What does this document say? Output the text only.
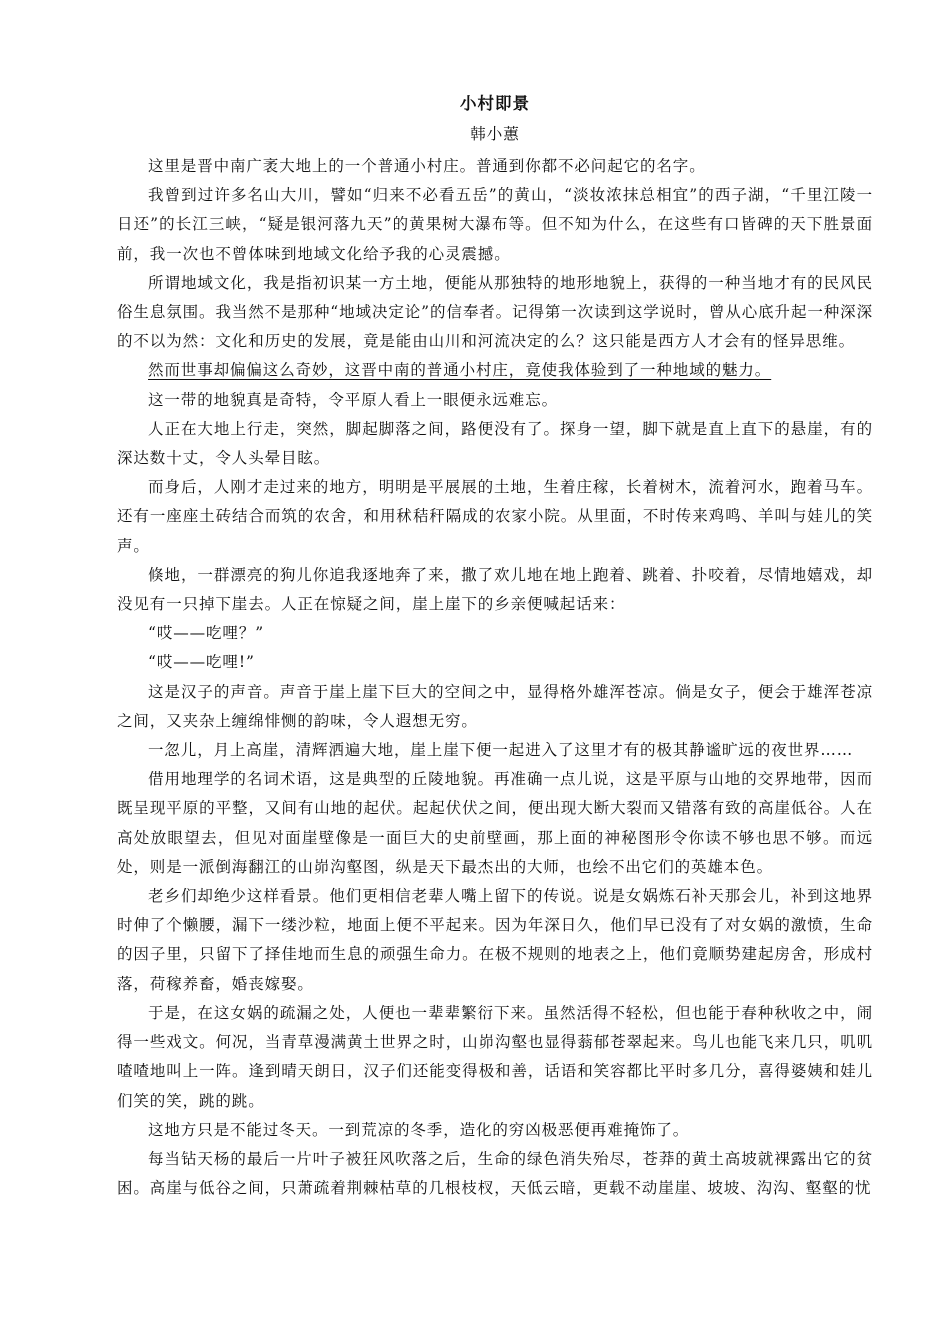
小村即景
韩小蕙

这里是晋中南广袤大地上的一个普通小村庄。普通到你都不必问起它的名字。

我曾到过许多名山大川，譬如“归来不必看五岳”的黄山，“淡妆浓抹总相宜”的西子湖，“千里江陵一日还”的长江三峡，“疑是银河落九天”的黄果树大瀑布等。但不知为什么，在这些有口皆碑的天下胜景面前，我一次也不曾体味到地域文化给予我的心灵震撼。

所谓地域文化，我是指初识某一方土地，便能从那独特的地形地貌上，获得的一种当地才有的民风民俗生息氛围。我当然不是那种“地域决定论”的信奉者。记得第一次读到这学说时，曾从心底升起一种深深的不以为然：文化和历史的发展，竟是能由山川和河流决定的么？这只能是西方人才会有的怪异思维。

然而世事却偏偏这么奇妙，这晋中南的普通小村庄，竟使我体验到了一种地域的魅力。

这一带的地貌真是奇特，令平原人看上一眼便永远难忘。

人正在大地上行走，突然，脚起脚落之间，路便没有了。探身一望，脚下就是直上直下的悬崖，有的深达数十丈，令人头晕目眩。

而身后，人刚才走过来的地方，明明是平展展的土地，生着庄稼，长着树木，流着河水，跑着马车。还有一座座土砖结合而筑的农舍，和用秫秸秆隔成的农家小院。从里面，不时传来鸡鸣、羊叫与娃儿的笑声。

倏地，一群漂亮的狗儿你追我逐地奔了来，撒了欢儿地在地上跑着、跳着、扑咬着，尽情地嬉戏，却没见有一只掉下崖去。人正在惊疑之间，崖上崖下的乡亲便喊起话来：

“哎——吃哩？”

“哎——吃哩!”

这是汉子的声音。声音于崖上崖下巨大的空间之中，显得格外雄浑苍凉。倘是女子，便会于雄浑苍凉之间，又夹杂上缠绵悱恻的韵味，令人遐想无穷。

一忽儿，月上高崖，清辉洒遍大地，崖上崖下便一起进入了这里才有的极其静谧旷远的夜世界……

借用地理学的名词术语，这是典型的丘陵地貌。再准确一点儿说，这是平原与山地的交界地带，因而既呈现平原的平整，又间有山地的起伏。起起伏伏之间，便出现大断大裂而又错落有致的高崖低谷。人在高处放眼望去，但见对面崖壁像是一面巨大的史前壁画，那上面的神秘图形令你读不够也思不够。而远处，则是一派倒海翻江的山峁沟壑图，纵是天下最杰出的大师，也绘不出它们的英雄本色。

老乡们却绝少这样看景。他们更相信老辈人嘴上留下的传说。说是女娲炼石补天那会儿，补到这地界时伸了个懒腰，漏下一缕沙粒，地面上便不平起来。因为年深日久，他们早已没有了对女娲的激愤，生命的因子里，只留下了择佳地而生息的顽强生命力。在极不规则的地表之上，他们竟顺势建起房舍，形成村落，荷稼养畜，婚丧嫁娶。

于是，在这女娲的疏漏之处，人便也一辈辈繁衍下来。虽然活得不轻松，但也能于春种秋收之中，闹得一些戏文。何况，当青草漫满黄土世界之时，山峁沟壑也显得蓊郁苍翠起来。鸟儿也能飞来几只，叽叽喳喳地叫上一阵。逢到晴天朗日，汉子们还能变得极和善，话语和笑容都比平时多几分，喜得婆姨和娃儿们笑的笑，跳的跳。

这地方只是不能过冬天。一到荒凉的冬季，造化的穷凶极恶便再难掩饰了。

每当钻天杨的最后一片叶子被狂风吹落之后，生命的绿色消失殆尽，苍莽的黄土高坡就裸露出它的贫困。高崖与低谷之间，只萧疏着荆棘枯草的几根枝杈，天低云暗，更载不动崖崖、坡坡、沟沟、壑壑的忧
